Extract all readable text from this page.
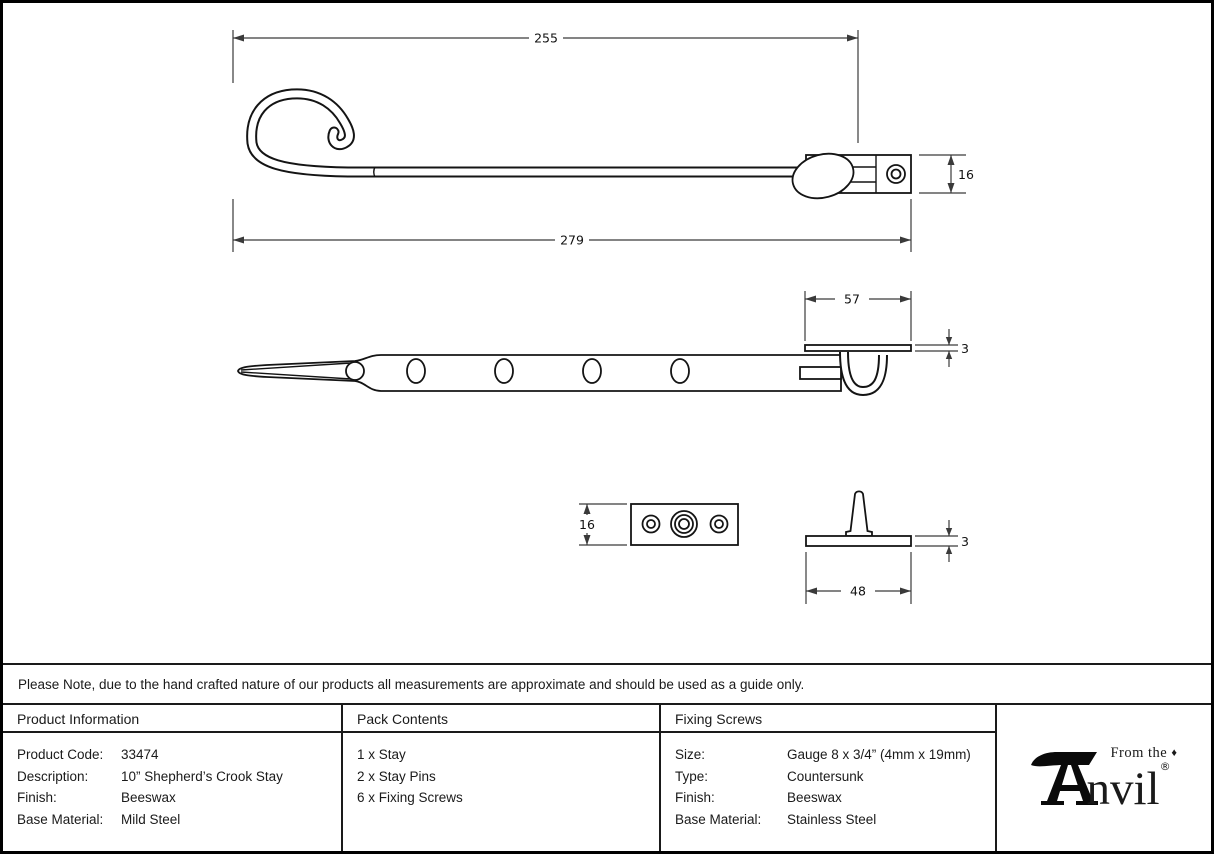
255
279
16
57
3
16
3
48
Please Note, due to the hand crafted nature of our products all measurements are approximate and should be used as a guide only.
Product Information
Product Code:	33474
Description:	10” Shepherd’s Crook Stay
Finish:	Beeswax
Base Material:	Mild Steel
Pack Contents
1 x Stay
2 x Stay Pins
6 x Fixing Screws
Fixing Screws
Size:	Gauge 8 x 3/4” (4mm x 19mm)
Type:	Countersunk
Finish:	Beeswax
Base Material:	Stainless Steel
From the ♦
nvil®
